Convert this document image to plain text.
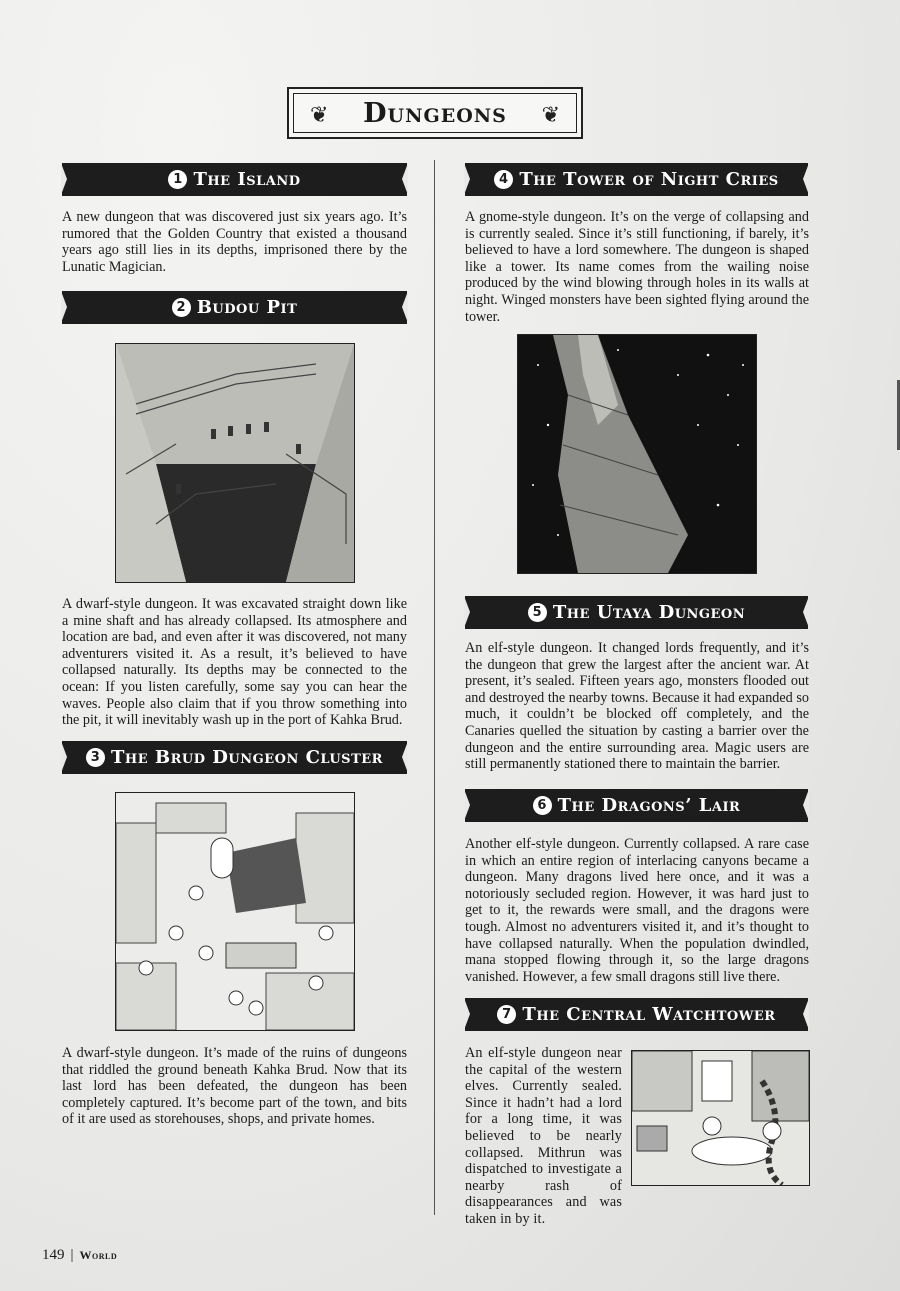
❦ Dungeons ❦
1 The Island

A new dungeon that was discovered just six years ago. It’s rumored that the Golden Country that existed a thousand years ago still lies in its depths, imprisoned there by the Lunatic Magician.

2 Budou Pit

A dwarf-style dungeon. It was excavated straight down like a mine shaft and has already collapsed. Its atmosphere and location are bad, and even after it was discovered, not many adventurers visited it. As a result, it’s believed to have collapsed naturally. Its depths may be connected to the ocean: If you listen carefully, some say you can hear the waves. People also claim that if you throw something into the pit, it will inevitably wash up in the port of Kahka Brud.

3 The Brud Dungeon Cluster

A dwarf-style dungeon. It’s made of the ruins of dungeons that riddled the ground beneath Kahka Brud. Now that its last lord has been defeated, the dungeon has been completely captured. It’s become part of the town, and bits of it are used as storehouses, shops, and private homes.

4 The Tower of Night Cries

A gnome-style dungeon. It’s on the verge of collapsing and is currently sealed. Since it’s still functioning, if barely, it’s believed to have a lord somewhere. The dungeon is shaped like a tower. Its name comes from the wailing noise produced by the wind blowing through holes in its walls at night. Winged monsters have been sighted flying around the tower.

5 The Utaya Dungeon

An elf-style dungeon. It changed lords frequently, and it’s the dungeon that grew the largest after the ancient war. At present, it’s sealed. Fifteen years ago, monsters flooded out and destroyed the nearby towns. Because it had expanded so much, it couldn’t be blocked off completely, and the Canaries quelled the situation by casting a barrier over the dungeon and the entire surrounding area. Magic users are still permanently stationed there to maintain the barrier.

6 The Dragons’ Lair

Another elf-style dungeon. Currently collapsed. A rare case in which an entire region of interlacing canyons became a dungeon. Many dragons lived here once, and it was a notoriously secluded region. However, it was hard just to get to it, the rewards were small, and the dragons were tough. Almost no adventurers visited it, and it’s thought to have collapsed naturally. When the population dwindled, mana stopped flowing through it, so the large dragons vanished. However, a few small dragons still live there.

7 The Central Watchtower

An elf-style dungeon near the capital of the western elves. Currently sealed. Since it hadn’t had a lord for a long time, it was believed to be nearly collapsed. Mithrun was dispatched to investigate a nearby rash of disappearances and was taken in by it.

149 | World
